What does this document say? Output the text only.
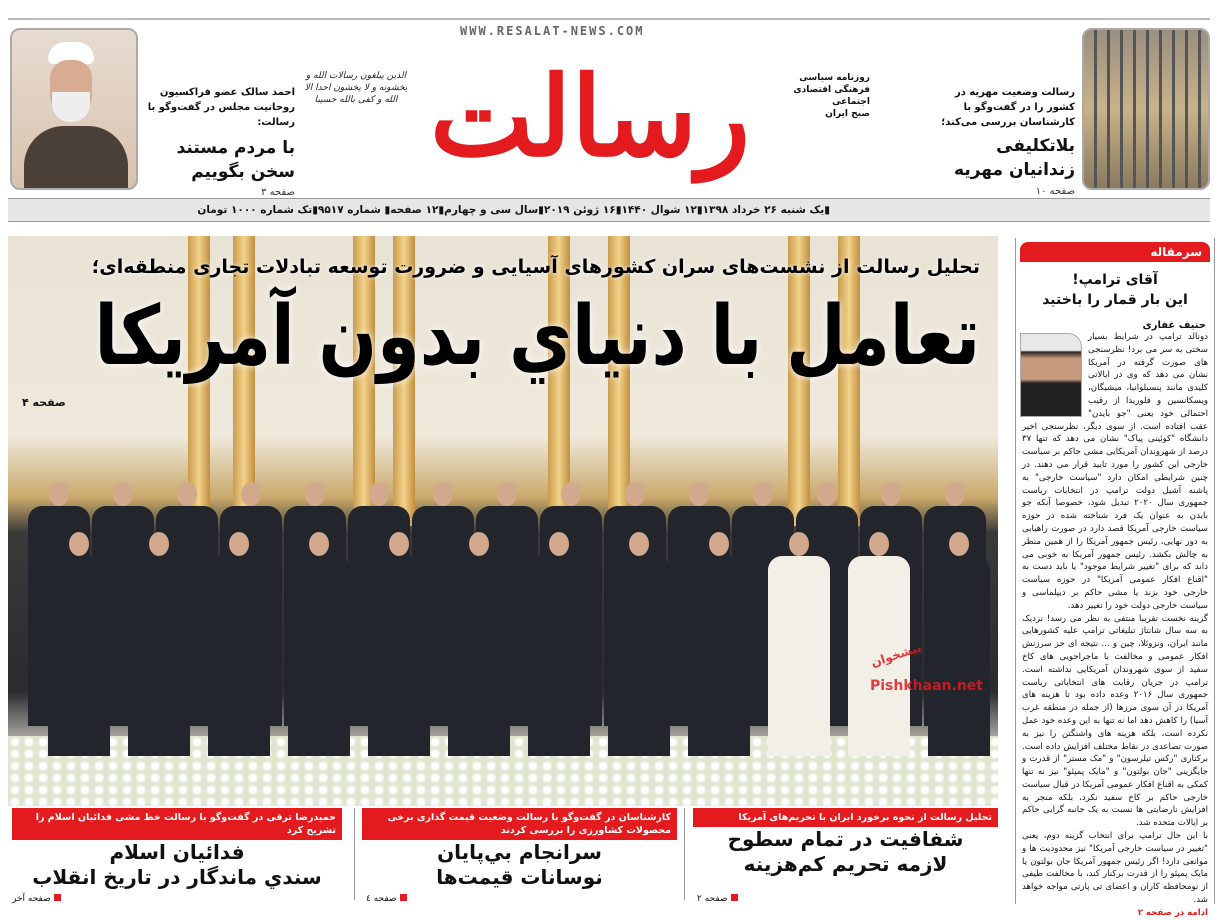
رسالت وضعیت مهریه در کشور را در گفت‌وگو با کارشناسان بررسی می‌کند؛
بلاتکلیفی
زندانیان مهریه
صفحه ۱۰
روزنامه سیاسی
فرهنگی اقتصادی اجتماعی
صبح ایران
WWW.RESALAT-NEWS.COM
رسالت
الذین یبلغون رسالات الله و یخشونه و لا یخشون احدا الا الله و کفی بالله حسیبا
احمد سالک عضو فراکسیون
روحانیت مجلس در گفت‌وگو با رسالت:
با مردم مستند
سخن بگوییم
صفحه ۳
▮یک شنبه ۲۶ خرداد ۱۳۹۸▮۱۲ شوال ۱۴۴۰▮۱۶ ژوئن ۲۰۱۹▮سال سی و چهارم▮۱۲ صفحه▮ شماره ۹۵۱۷▮تک شماره ۱۰۰۰ تومان
تحلیل رسالت از نشست‌های سران کشورهای آسیایی و ضرورت توسعه تبادلات تجاری منطقه‌ای؛
تعامل با دنیاي بدون آمریکا
صفحه ۴
پیشخوان
Pishkhaan.net
سرمقاله
آقای ترامپ!
این بار قمار را باختید
حنیف غفاری

دونالد ترامپ در شرایط بسیار سختی به سر می برد! نظرسنجی های صورت گرفته در آمریکا نشان می دهد که وی در ایالاتی کلیدی مانند پنسیلوانیا، میشیگان، ویسکانسین و فلوریدا از رقیب احتمالی خود یعنی "جو بایدن" عقب افتاده است. از سوی دیگر، نظرسنجی اخیر دانشگاه "کوئینی پیاک" نشان می دهد که تنها ۳۷ درصد از شهروندان آمریکایی مشی حاکم بر سیاست خارجی این کشور را مورد تایید قرار می دهند. در چنین شرایطی امکان دارد "سیاست خارجی" به پاشنه آشیل دولت ترامپ در انتخابات ریاست جمهوری سال ۲۰۲۰ تبدیل شود، خصوصا آنکه جو بایدن به عنوان یک فرد شناخته شده در حوزه سیاست خارجی آمریکا قصد دارد در صورت راهیابی به دور نهایی، رئیس جمهور آمریکا را از همین منظر به چالش بکشد. رئیس جمهور آمریکا به خوبی می داند که برای "تغییر شرایط موجود" یا باید دست به "اقناع افکار عمومی آمریکا" در حوزه سیاست خارجی خود بزند یا مشی حاکم بر دیپلماسی و سیاست خارجی دولت خود را تغییر دهد.

گزینه نخست تقریبا منتفی به نظر می رسد! نزدیک به سه سال شانتاژ تبلیغاتی ترامپ علیه کشورهایی مانند ایران، ونزوئلا، چین و ... نتیجه ای جز سرزنش افکار عمومی و مخالفت با ماجراجویی های کاخ سفید از سوی شهروندان آمریکایی نداشته است. ترامپ در جریان رقابت های انتخاباتی ریاست جمهوری سال ۲۰۱۶ وعده داده بود تا هزینه های آمریکا در آن سوی مرزها (از جمله در منطقه غرب آسیا) را کاهش دهد اما نه تنها به این وعده خود عمل نکرده است، بلکه هزینه های واشنگتن را نیز به صورت تصاعدی در نقاط مختلف افزایش داده است. برکناری "رکس تیلرسون" و "مک مستر" از قدرت و جایگزینی "جان بولتون" و "مایک پمپئو" نیز نه تنها کمکی به اقناع افکار عمومی آمریکا در قبال سیاست خارجی حاکم بر کاخ سفید نکرد، بلکه منجر به افزایش نارضایتی ها نسبت به یک جانبه گرایی حاکم بر ایالات متحده شد.

با این حال ترامپ برای انتخاب گزینه دوم، یعنی "تغییر در سیاست خارجی آمریکا" نیز محدودیت ها و موانعی دارد! اگر رئیس جمهور آمریکا جان بولتون یا مایک پمپئو را از قدرت برکنار کند، با مخالفت طیفی از نومحافظه کاران و اعضای تی پارتی مواجه خواهد شد.

ادامه در صفحه ۲
تحلیل رسالت از نحوه برخورد ایران با تحریم‌های آمریکا
شفافیت در تمام سطوح
لازمه تحریم کم‌هزینه
صفحه ۲
کارشناسان در گفت‌وگو با رسالت وضعیت قیمت گذاری برخی محصولات کشاورزی را بررسی کردند
سرانجام بي‌پايان
نوسانات قیمت‌ها
صفحه ٤
حمیدرضا ترقی در گفت‌وگو با رسالت خط مشی فدائیان اسلام را تشریح کرد
فدائیان اسلام
سندي ماندگار در تاريخ انقلاب
صفحه آخر
